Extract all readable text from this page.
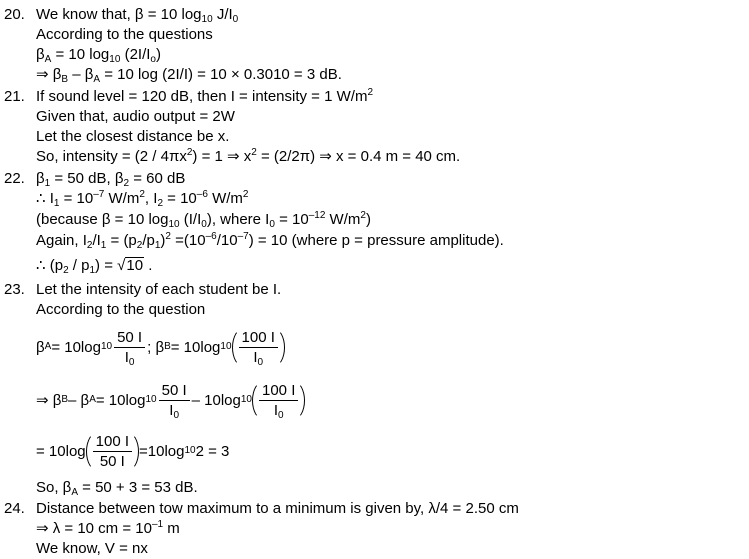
20. We know that, β = 10 $\log_{10} J/I_0$
According to the questions
$\beta_A = 10$ $\log_{10} (2I/I_o)$
⇒ $\beta_B - \beta_A = 10$ log (2I/I) = 10 × 0.3010 = 3 dB.
21. If sound level = 120 dB, then I = intensity = 1 $W/m^2$
Given that, audio output = 2W
Let the closest distance be x.
So, intensity = $(2 / 4\pi x^2) = 1$ ⇒ $x^2 = (2/2\pi)$ ⇒ x = 0.4 m = 40 cm.
22. $\beta_1 = 50$ dB, $\beta_2 = 60$ dB
∴ $I_1 = 10^{-7}$ $W/m^2$, $I_2 = 10^{-6}$ $W/m^2$
(because β = 10 $\log_{10} (I/I_0)$, where $I_0 = 10^{-12}$ $W/m^2$)
Again, $I_2/I_1 = (p_2/p_1)^2 =(10^{-6}/10^{-7}) = 10$ (where p = pressure amplitude).
∴ $(p_2 / p_1) = √10$ .
23. Let the intensity of each student be I.
According to the question
β A = 10log $10 \frac{50 I}{I_0}$ ; β B = 10log $10 \frac{100 I}{I_0}$
⇒ β B – β A = 10log $10 \frac{50 I}{I_0} - 10\log$ $10 \frac{100 I}{I_0}$
= $10\log \frac{100 I}{50 I} =10\log$ 10 2 = 3
So, $\beta_A = 50 + 3 = 53$ dB.
24. Distance between tow maximum to a minimum is given by, λ/4 = 2.50 cm
⇒ λ = 10 cm = $10^{-1}$ m
We know, V = nx
